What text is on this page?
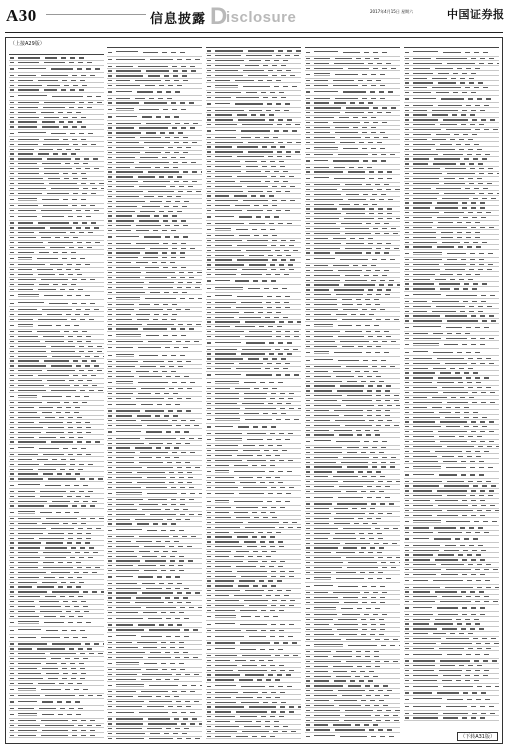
A30	信息披露 D
isclosure	2017年4月15日 星期六	中国证券报
（上接A29版）
（下转A31版）
